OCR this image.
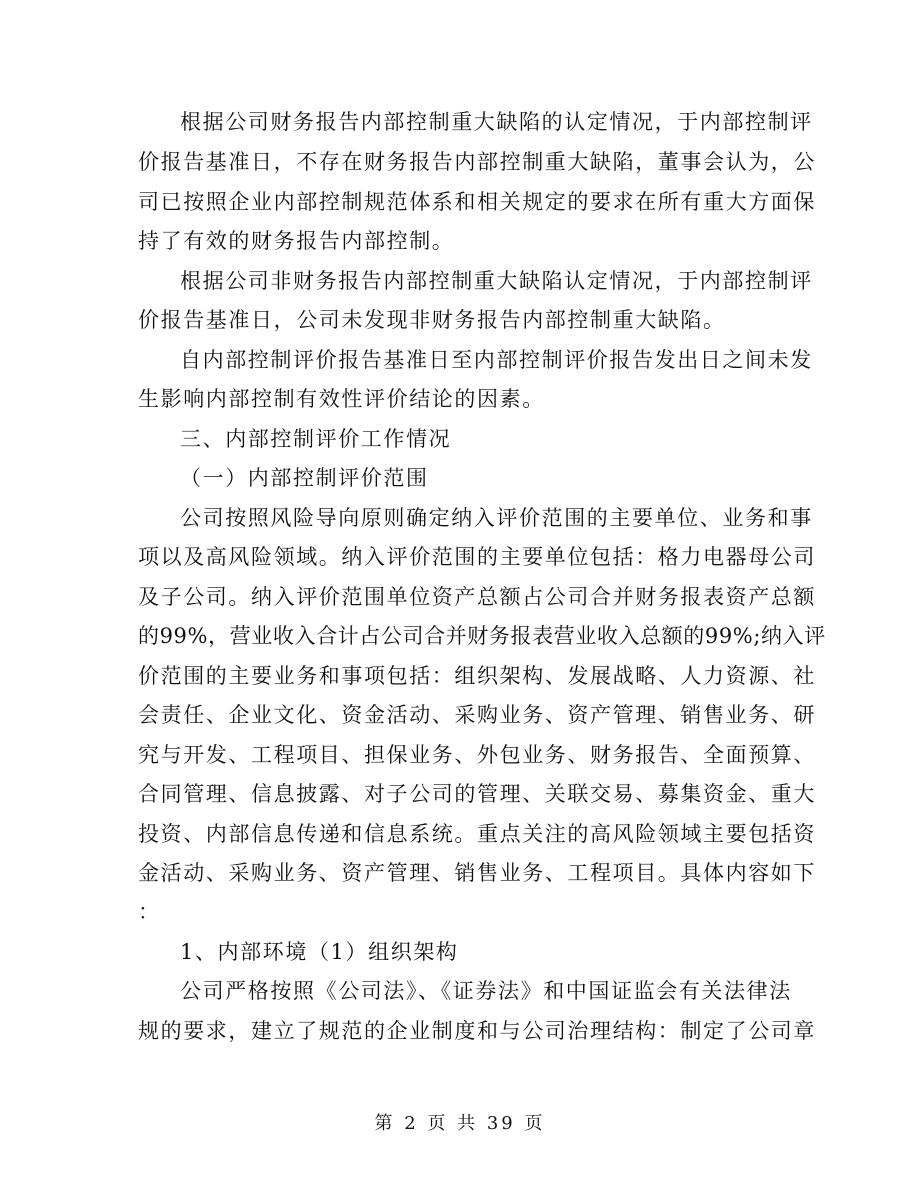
根据公司财务报告内部控制重大缺陷的认定情况，于内部控制评
价报告基准日，不存在财务报告内部控制重大缺陷，董事会认为，公
司已按照企业内部控制规范体系和相关规定的要求在所有重大方面保
持了有效的财务报告内部控制。
根据公司非财务报告内部控制重大缺陷认定情况，于内部控制评
价报告基准日，公司未发现非财务报告内部控制重大缺陷。
自内部控制评价报告基准日至内部控制评价报告发出日之间未发
生影响内部控制有效性评价结论的因素。
三、内部控制评价工作情况
（一）内部控制评价范围
公司按照风险导向原则确定纳入评价范围的主要单位、业务和事
项以及高风险领域。纳入评价范围的主要单位包括：格力电器母公司
及子公司。纳入评价范围单位资产总额占公司合并财务报表资产总额
的99%，营业收入合计占公司合并财务报表营业收入总额的99%;纳入评
价范围的主要业务和事项包括：组织架构、发展战略、人力资源、社
会责任、企业文化、资金活动、采购业务、资产管理、销售业务、研
究与开发、工程项目、担保业务、外包业务、财务报告、全面预算、
合同管理、信息披露、对子公司的管理、关联交易、募集资金、重大
投资、内部信息传递和信息系统。重点关注的高风险领域主要包括资
金活动、采购业务、资产管理、销售业务、工程项目。具体内容如下
：
1、内部环境（1）组织架构
公司严格按照《公司法》、《证券法》和中国证监会有关法律法
规的要求，建立了规范的企业制度和与公司治理结构：制定了公司章
第 2 页 共 39 页
